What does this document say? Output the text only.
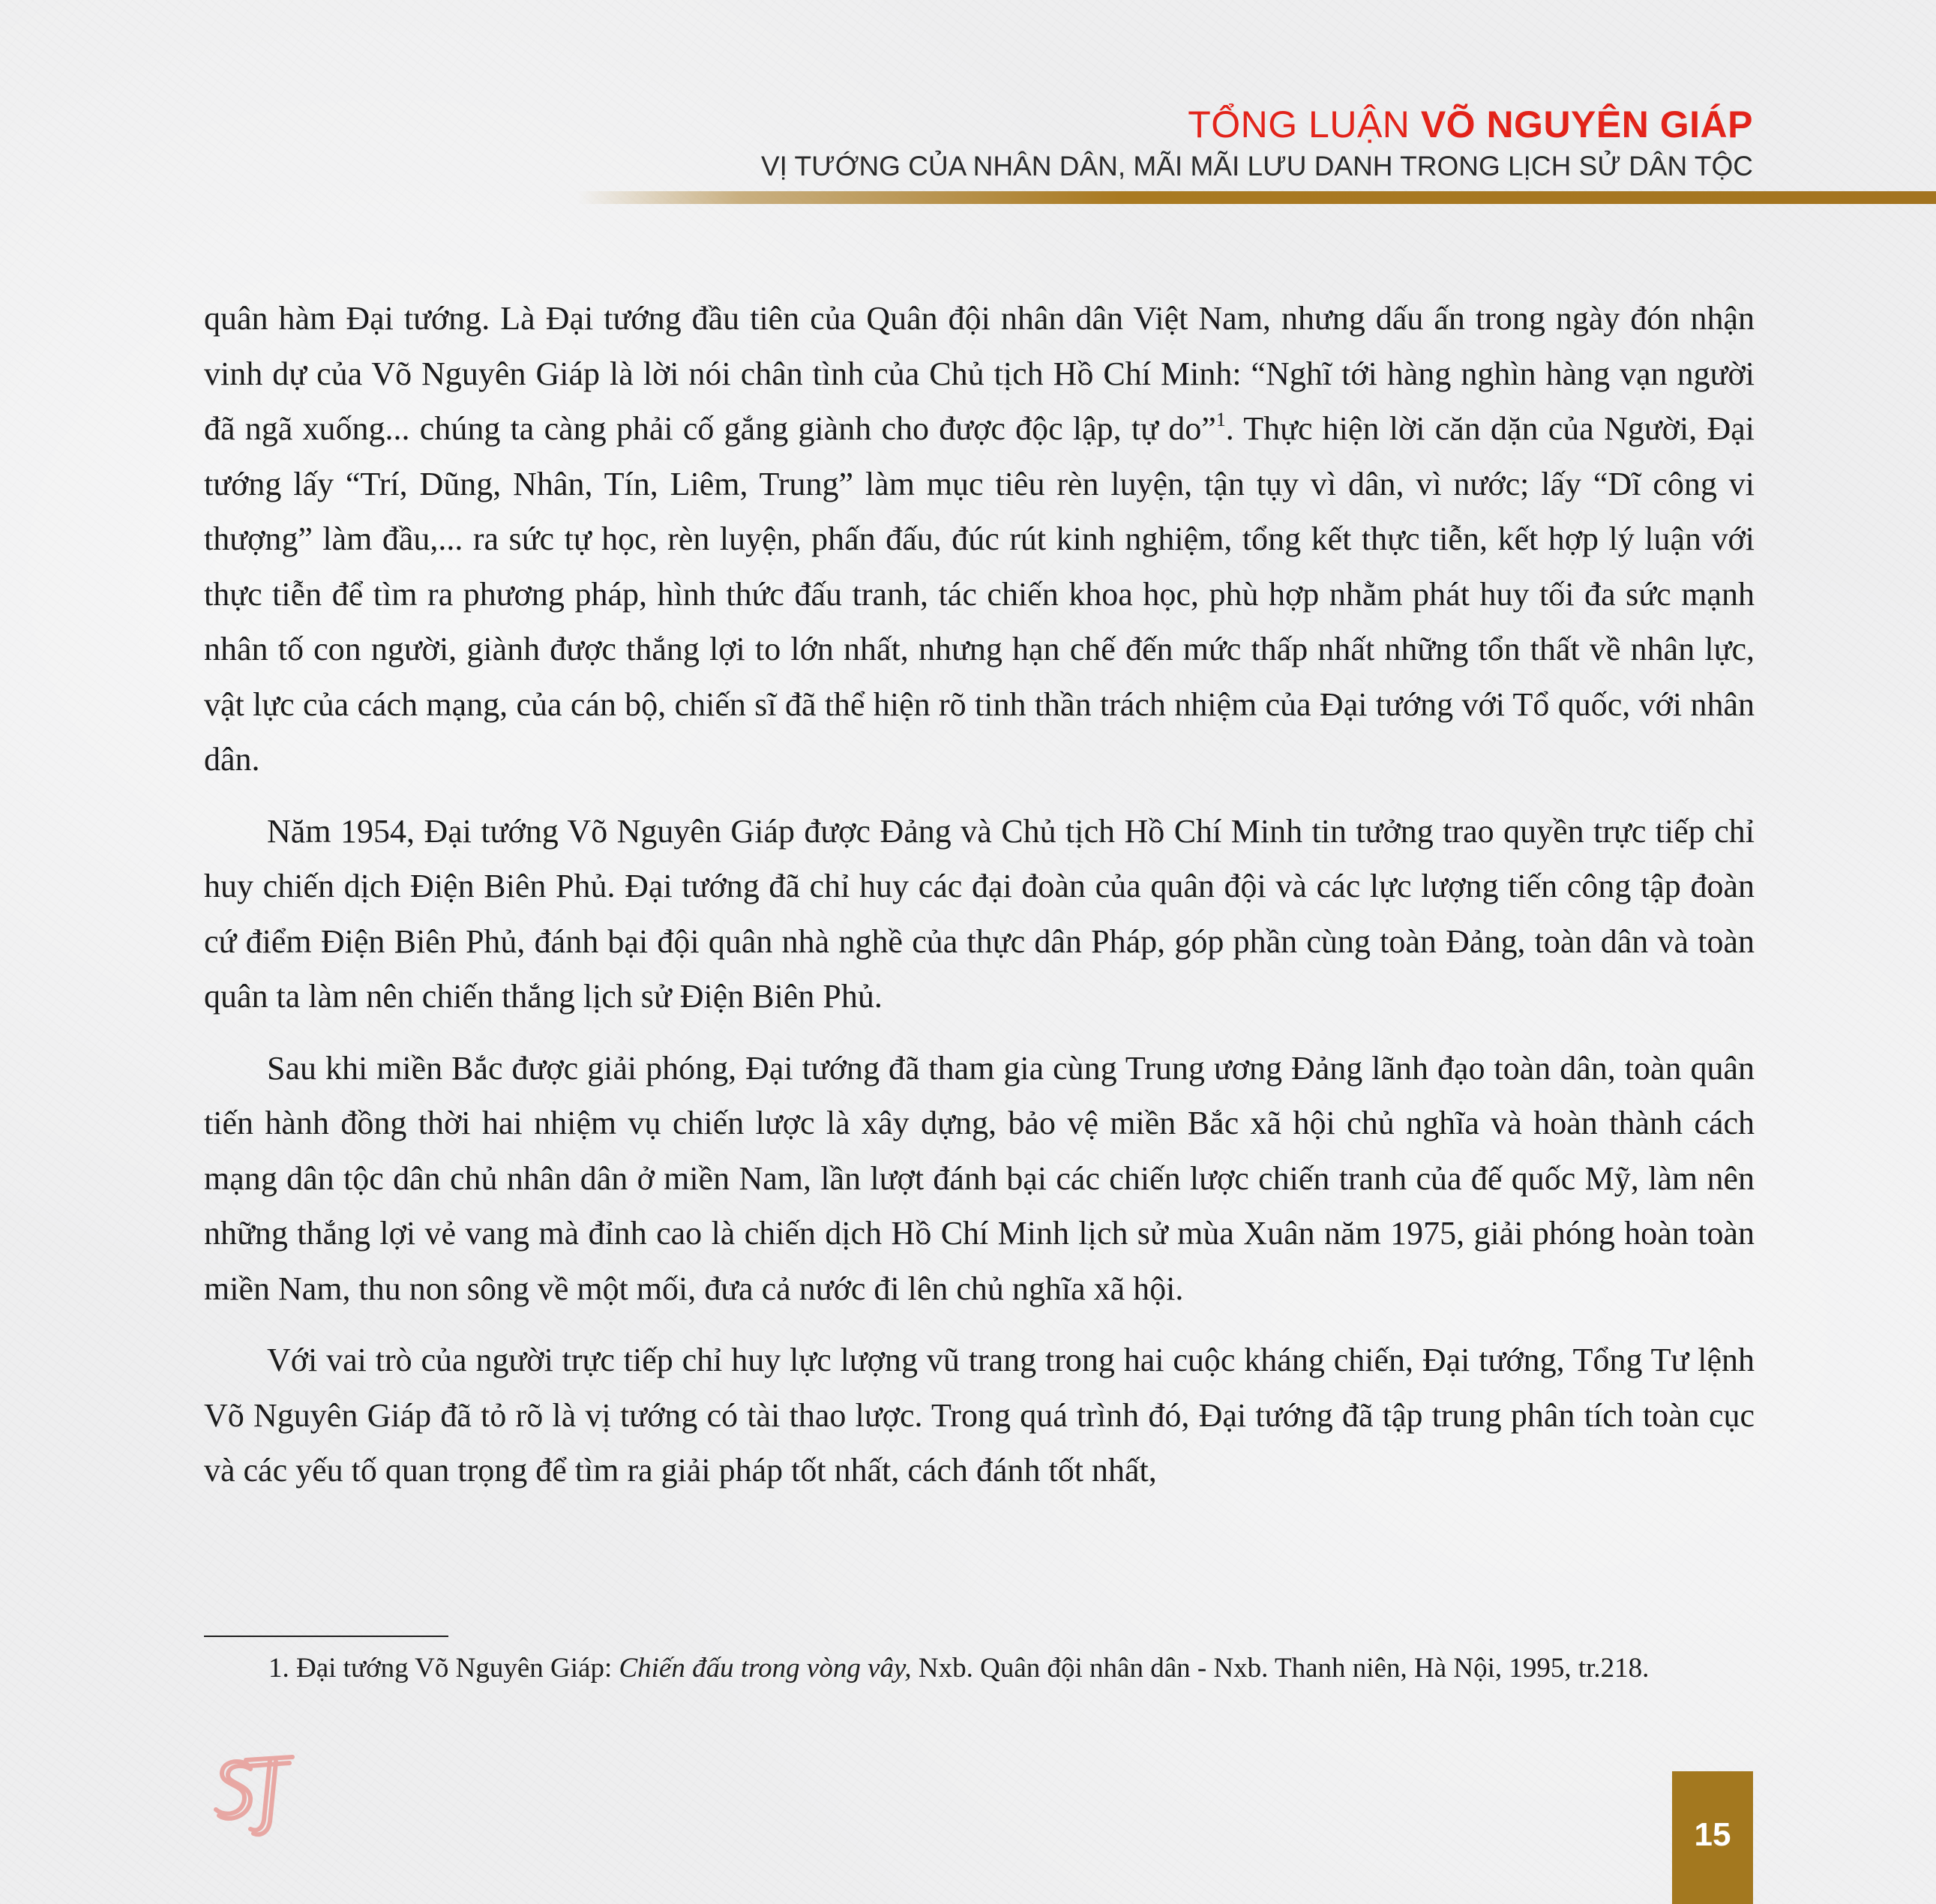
TỔNG LUẬN VÕ NGUYÊN GIÁP
VỊ TƯỚNG CỦA NHÂN DÂN, MÃI MÃI LƯU DANH TRONG LỊCH SỬ DÂN TỘC

quân hàm Đại tướng. Là Đại tướng đầu tiên của Quân đội nhân dân Việt Nam, nhưng dấu ấn trong ngày đón nhận vinh dự của Võ Nguyên Giáp là lời nói chân tình của Chủ tịch Hồ Chí Minh: “Nghĩ tới hàng nghìn hàng vạn người đã ngã xuống... chúng ta càng phải cố gắng giành cho được độc lập, tự do”$^1$. Thực hiện lời căn dặn của Người, Đại tướng lấy “Trí, Dũng, Nhân, Tín, Liêm, Trung” làm mục tiêu rèn luyện, tận tụy vì dân, vì nước; lấy “Dĩ công vi thượng” làm đầu,... ra sức tự học, rèn luyện, phấn đấu, đúc rút kinh nghiệm, tổng kết thực tiễn, kết hợp lý luận với thực tiễn để tìm ra phương pháp, hình thức đấu tranh, tác chiến khoa học, phù hợp nhằm phát huy tối đa sức mạnh nhân tố con người, giành được thắng lợi to lớn nhất, nhưng hạn chế đến mức thấp nhất những tổn thất về nhân lực, vật lực của cách mạng, của cán bộ, chiến sĩ đã thể hiện rõ tinh thần trách nhiệm của Đại tướng với Tổ quốc, với nhân dân.

Năm 1954, Đại tướng Võ Nguyên Giáp được Đảng và Chủ tịch Hồ Chí Minh tin tưởng trao quyền trực tiếp chỉ huy chiến dịch Điện Biên Phủ. Đại tướng đã chỉ huy các đại đoàn của quân đội và các lực lượng tiến công tập đoàn cứ điểm Điện Biên Phủ, đánh bại đội quân nhà nghề của thực dân Pháp, góp phần cùng toàn Đảng, toàn dân và toàn quân ta làm nên chiến thắng lịch sử Điện Biên Phủ.

Sau khi miền Bắc được giải phóng, Đại tướng đã tham gia cùng Trung ương Đảng lãnh đạo toàn dân, toàn quân tiến hành đồng thời hai nhiệm vụ chiến lược là xây dựng, bảo vệ miền Bắc xã hội chủ nghĩa và hoàn thành cách mạng dân tộc dân chủ nhân dân ở miền Nam, lần lượt đánh bại các chiến lược chiến tranh của đế quốc Mỹ, làm nên những thắng lợi vẻ vang mà đỉnh cao là chiến dịch Hồ Chí Minh lịch sử mùa Xuân năm 1975, giải phóng hoàn toàn miền Nam, thu non sông về một mối, đưa cả nước đi lên chủ nghĩa xã hội.

Với vai trò của người trực tiếp chỉ huy lực lượng vũ trang trong hai cuộc kháng chiến, Đại tướng, Tổng Tư lệnh Võ Nguyên Giáp đã tỏ rõ là vị tướng có tài thao lược. Trong quá trình đó, Đại tướng đã tập trung phân tích toàn cục và các yếu tố quan trọng để tìm ra giải pháp tốt nhất, cách đánh tốt nhất,

1. Đại tướng Võ Nguyên Giáp: Chiến đấu trong vòng vây, Nxb. Quân đội nhân dân - Nxb. Thanh niên, Hà Nội, 1995, tr.218.
15
